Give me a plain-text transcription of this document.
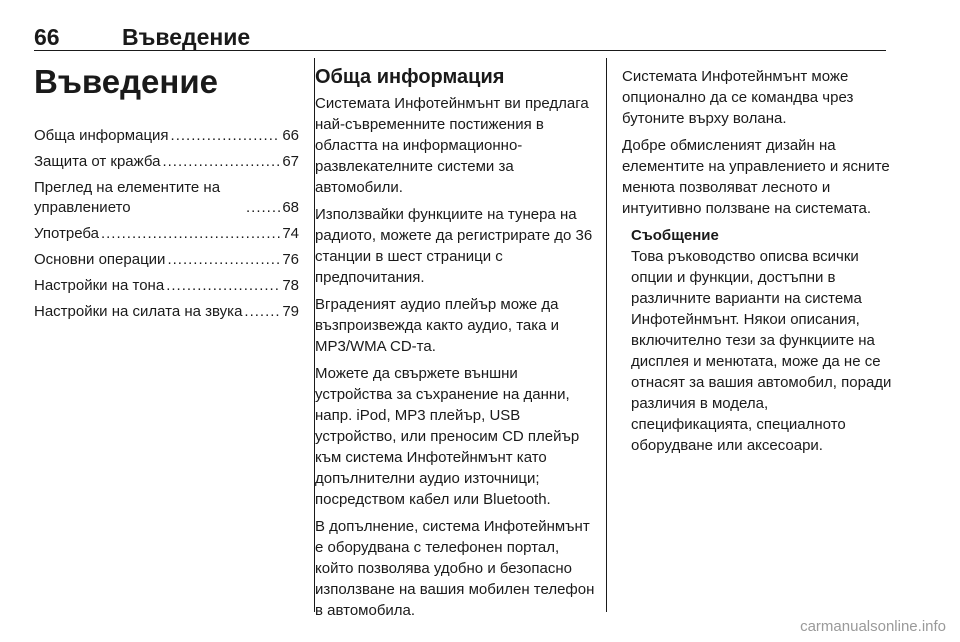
66	Въведение
Въведение
Обща информация .....	66
Защита от кражба .....	67
Преглед на елементите на управлението .....	68
Употреба .....	74
Основни операции .....	76
Настройки на тона .....	78
Настройки на силата на звука .....	79
Обща информация

Системата Инфотейнмънт ви предлага най-съвременните постижения в областта на информационно-развлекателните системи за автомобили.

Използвайки функциите на тунера на радиото, можете да регистрирате до 36 станции в шест страници с предпочитания.

Вграденият аудио плейър може да възпроизвежда както аудио, така и MP3/WMA CD-та.

Можете да свържете външни устройства за съхранение на данни, напр. iPod, MP3 плейър, USB устройство, или преносим CD плейър към система Инфотейнмънт като допълнителни аудио източници; посредством кабел или Bluetooth.

В допълнение, система Инфотейнмънт е оборудвана с телефонен портал, който позволява удобно и безопасно използване на вашия мобилен телефон в автомобила.

Системата Инфотейнмънт може опционално да се командва чрез бутоните върху волана.

Добре обмисленият дизайн на елементите на управлението и ясните менюта позволяват лесното и интуитивно ползване на системата.

Съобщение

Това ръководство описва всички опции и функции, достъпни в различните варианти на система Инфотейнмънт. Някои описания, включително тези за функциите на дисплея и менютата, може да не се отнасят за вашия автомобил, поради различия в модела, спецификацията, специалното оборудване или аксесоари.

carmanualsonline.info
